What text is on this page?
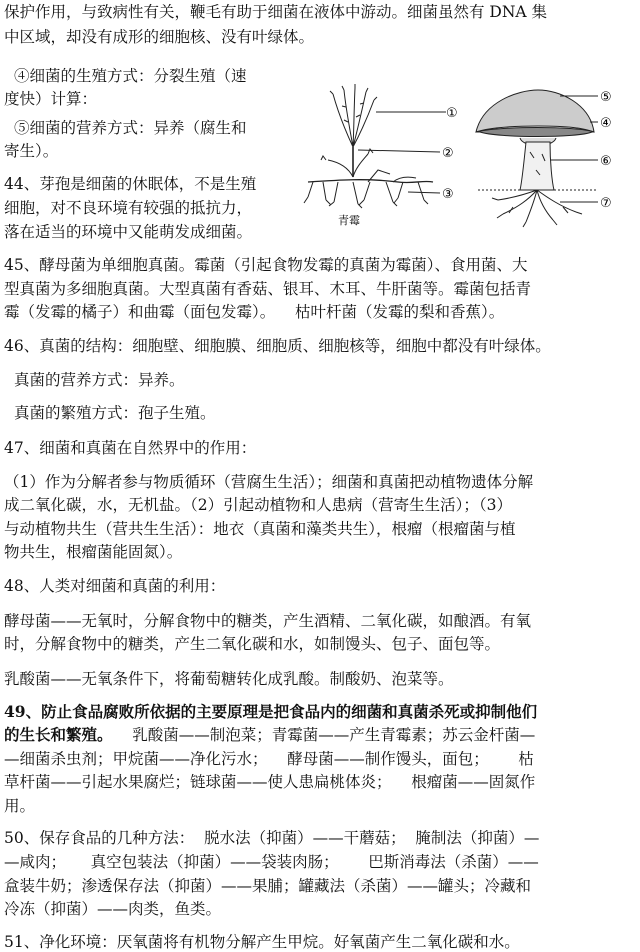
保护作用，与致病性有关，鞭毛有助于细菌在液体中游动。细菌虽然有 DNA 集
中区域，却没有成形的细胞核、没有叶绿体。
④细菌的生殖方式：分裂生殖（速
度快）计算：
⑤细菌的营养方式：异养（腐生和
寄生）。
44、芽孢是细菌的休眠体，不是生殖
细胞，对不良环境有较强的抵抗力，
落在适当的环境中又能萌发成细菌。
45、酵母菌为单细胞真菌。霉菌（引起食物发霉的真菌为霉菌）、食用菌、大
型真菌为多细胞真菌。大型真菌有香菇、银耳、木耳、牛肝菌等。霉菌包括青
霉（发霉的橘子）和曲霉（面包发霉）。    枯叶杆菌（发霉的梨和香蕉）。
46、真菌的结构：细胞壁、细胞膜、细胞质、细胞核等，细胞中都没有叶绿体。
真菌的营养方式：异养。
真菌的繁殖方式：孢子生殖。
47、细菌和真菌在自然界中的作用：
（1）作为分解者参与物质循环（营腐生生活）；细菌和真菌把动植物遗体分解
成二氧化碳，水，无机盐。（2）引起动植物和人患病（营寄生生活）；（3）
与动植物共生（营共生生活）：地衣（真菌和藻类共生），根瘤（根瘤菌与植
物共生，根瘤菌能固氮）。
48、人类对细菌和真菌的利用：
酵母菌——无氧时，分解食物中的糖类，产生酒精、二氧化碳，如酿酒。有氧
时，分解食物中的糖类，产生二氧化碳和水，如制馒头、包子、面包等。
乳酸菌——无氧条件下，将葡萄糖转化成乳酸。制酸奶、泡菜等。
49、防止食品腐败所依据的主要原理是把食品内的细菌和真菌杀死或抑制他们
的生长和繁殖。 乳酸菌——制泡菜；青霉菌——产生青霉素；苏云金杆菌—
—细菌杀虫剂；甲烷菌——净化污水；    酵母菌——制作馒头，面包；      枯
草杆菌——引起水果腐烂；链球菌——使人患扁桃体炎；    根瘤菌——固氮作
用。
50、保存食品的几种方法：  脱水法（抑菌）——干蘑菇；  腌制法（抑菌）—
—咸肉；     真空包装法（抑菌）——袋装肉肠；      巴斯消毒法（杀菌）——
盒装牛奶；渗透保存法（抑菌）——果脯；罐藏法（杀菌）——罐头；冷藏和
冷冻（抑菌）——肉类，鱼类。
51、净化环境：厌氧菌将有机物分解产生甲烷。好氧菌产生二氧化碳和水。
①
②
③
青霉
⑤
④
⑥
⑦
